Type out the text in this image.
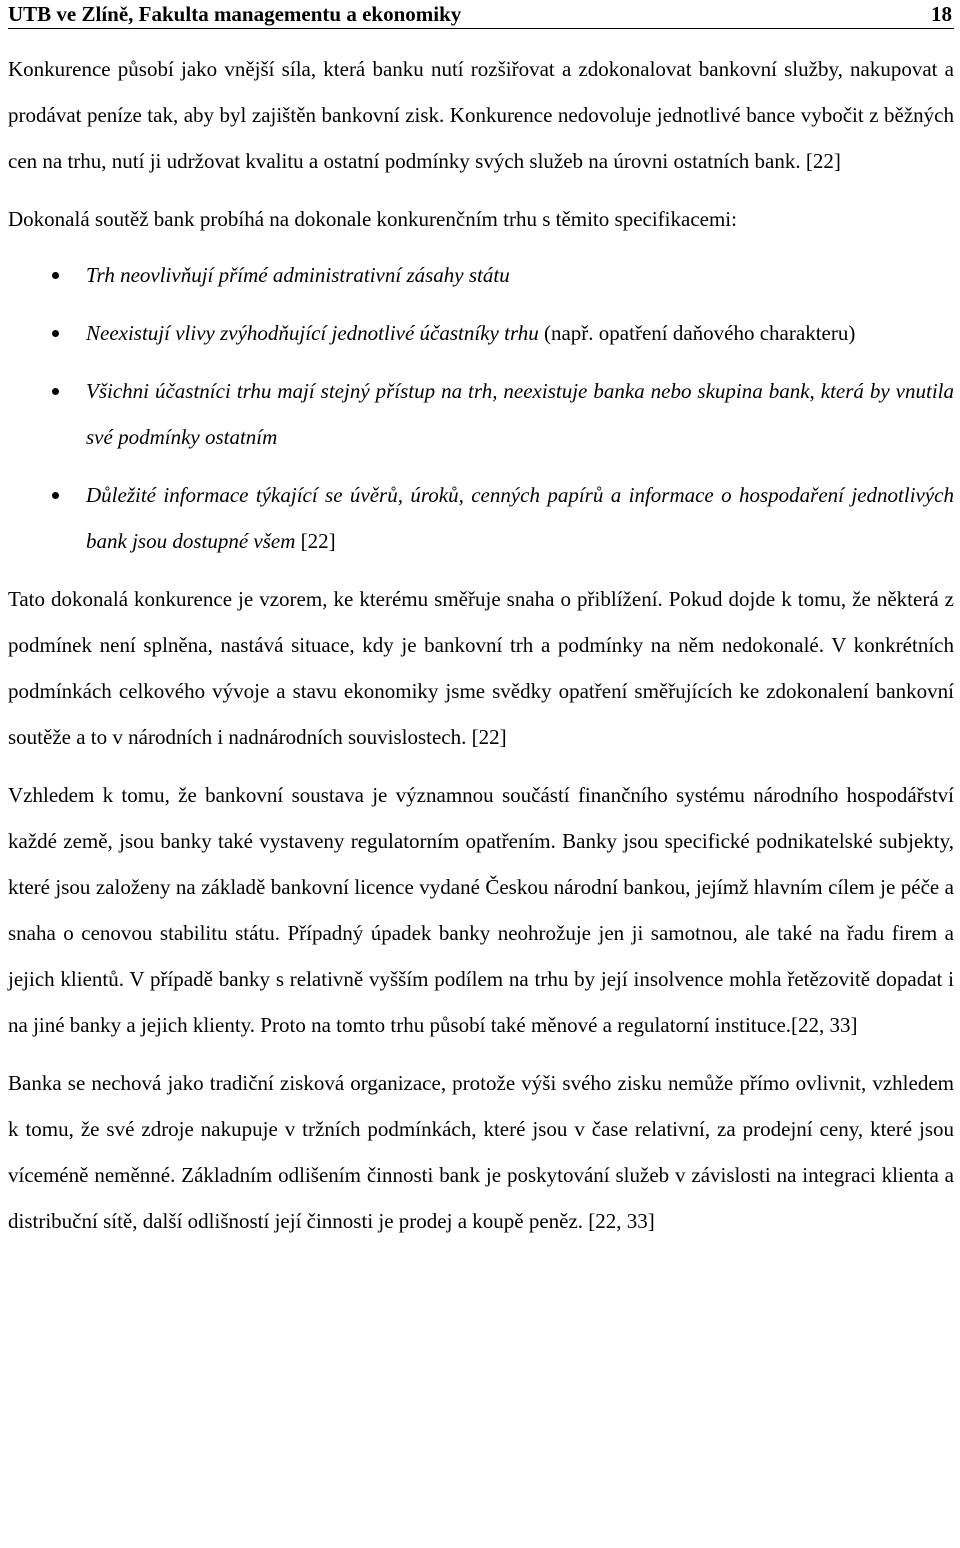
UTB ve Zlíně, Fakulta managementu a ekonomiky	18

Konkurence působí jako vnější síla, která banku nutí rozšiřovat a zdokonalovat bankovní služby, nakupovat a prodávat peníze tak, aby byl zajištěn bankovní zisk. Konkurence nedovoluje jednotlivé bance vybočit z běžných cen na trhu, nutí ji udržovat kvalitu a ostatní podmínky svých služeb na úrovni ostatních bank. [22]

Dokonalá soutěž bank probíhá na dokonale konkurenčním trhu s těmito specifikacemi:

Trh neovlivňují přímé administrativní zásahy státu
Neexistují vlivy zvýhodňující jednotlivé účastníky trhu (např. opatření daňového charakteru)
Všichni účastníci trhu mají stejný přístup na trh, neexistuje banka nebo skupina bank, která by vnutila své podmínky ostatním
Důležité informace týkající se úvěrů, úroků, cenných papírů a informace o hospodaření jednotlivých bank jsou dostupné všem [22]

Tato dokonalá konkurence je vzorem, ke kterému směřuje snaha o přiblížení. Pokud dojde k tomu, že některá z podmínek není splněna, nastává situace, kdy je bankovní trh a podmínky na něm nedokonalé. V konkrétních podmínkách celkového vývoje a stavu ekonomiky jsme svědky opatření směřujících ke zdokonalení bankovní soutěže a to v národních i nadnárodních souvislostech. [22]

Vzhledem k tomu, že bankovní soustava je významnou součástí finančního systému národního hospodářství každé země, jsou banky také vystaveny regulatorním opatřením. Banky jsou specifické podnikatelské subjekty, které jsou založeny na základě bankovní licence vydané Českou národní bankou, jejímž hlavním cílem je péče a snaha o cenovou stabilitu státu. Případný úpadek banky neohrožuje jen ji samotnou, ale také na řadu firem a jejich klientů. V případě banky s relativně vyšším podílem na trhu by její insolvence mohla řetězovitě dopadat i na jiné banky a jejich klienty. Proto na tomto trhu působí také měnové a regulatorní instituce.[22, 33]

Banka se nechová jako tradiční zisková organizace, protože výši svého zisku nemůže přímo ovlivnit, vzhledem k tomu, že své zdroje nakupuje v tržních podmínkách, které jsou v čase relativní, za prodejní ceny, které jsou víceméně neměnné. Základním odlišením činnosti bank je poskytování služeb v závislosti na integraci klienta a distribuční sítě, další odlišností její činnosti je prodej a koupě peněz. [22, 33]
